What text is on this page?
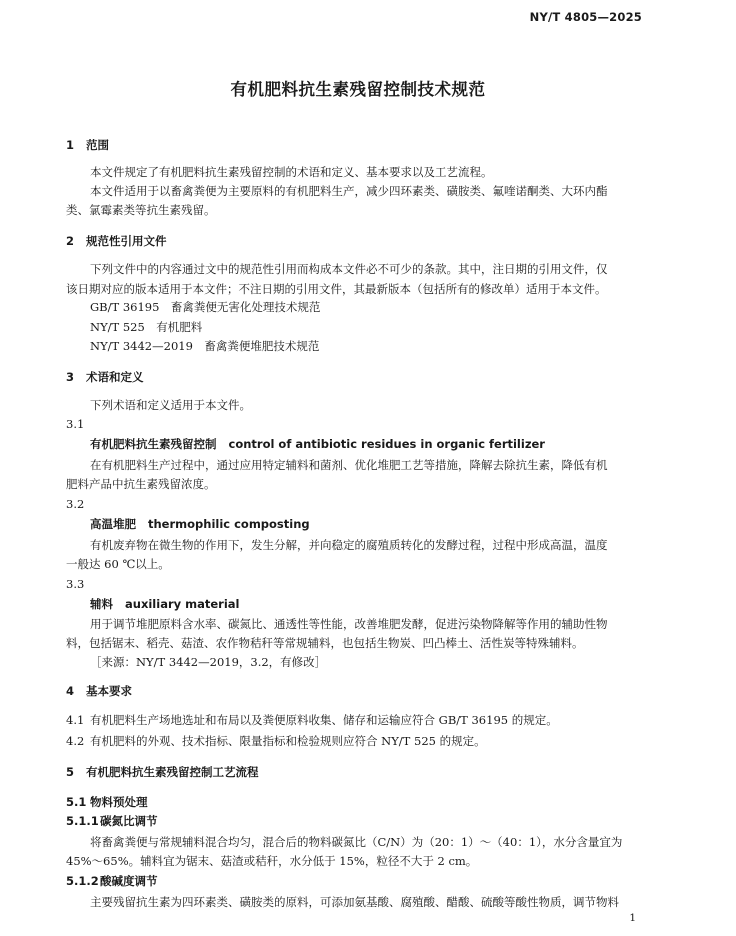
NY/T 4805—2025
有机肥料抗生素残留控制技术规范
1 范围
本文件规定了有机肥料抗生素残留控制的术语和定义、基本要求以及工艺流程。
本文件适用于以畜禽粪便为主要原料的有机肥料生产，减少四环素类、磺胺类、氟喹诺酮类、大环内酯
类、氯霉素类等抗生素残留。
2 规范性引用文件
下列文件中的内容通过文中的规范性引用而构成本文件必不可少的条款。其中，注日期的引用文件，仅
该日期对应的版本适用于本文件；不注日期的引用文件，其最新版本（包括所有的修改单）适用于本文件。
GB/T 36195　畜禽粪便无害化处理技术规范
NY/T 525　有机肥料
NY/T 3442—2019　畜禽粪便堆肥技术规范
3 术语和定义
下列术语和定义适用于本文件。
3.1
有机肥料抗生素残留控制 control of antibiotic residues in organic fertilizer
在有机肥料生产过程中，通过应用特定辅料和菌剂、优化堆肥工艺等措施，降解去除抗生素，降低有机
肥料产品中抗生素残留浓度。
3.2
高温堆肥 thermophilic composting
有机废弃物在微生物的作用下，发生分解，并向稳定的腐殖质转化的发酵过程，过程中形成高温，温度
一般达 60 ℃以上。
3.3
辅料 auxiliary material
用于调节堆肥原料含水率、碳氮比、通透性等性能，改善堆肥发酵，促进污染物降解等作用的辅助性物
料，包括锯末、稻壳、菇渣、农作物秸秆等常规辅料，也包括生物炭、凹凸棒土、活性炭等特殊辅料。
［来源：NY/T 3442—2019，3.2，有修改］
4 基本要求
4.1 有机肥料生产场地选址和布局以及粪便原料收集、储存和运输应符合 GB/T 36195 的规定。
4.2 有机肥料的外观、技术指标、限量指标和检验规则应符合 NY/T 525 的规定。
5 有机肥料抗生素残留控制工艺流程
5.1 物料预处理
5.1.1碳氮比调节
将畜禽粪便与常规辅料混合均匀，混合后的物料碳氮比（C/N）为（20：1）～（40：1），水分含量宜为
45%～65%。辅料宜为锯末、菇渣或秸秆，水分低于 15%，粒径不大于 2 cm。
5.1.2酸碱度调节
主要残留抗生素为四环素类、磺胺类的原料，可添加氨基酸、腐殖酸、醋酸、硫酸等酸性物质，调节物料
1
